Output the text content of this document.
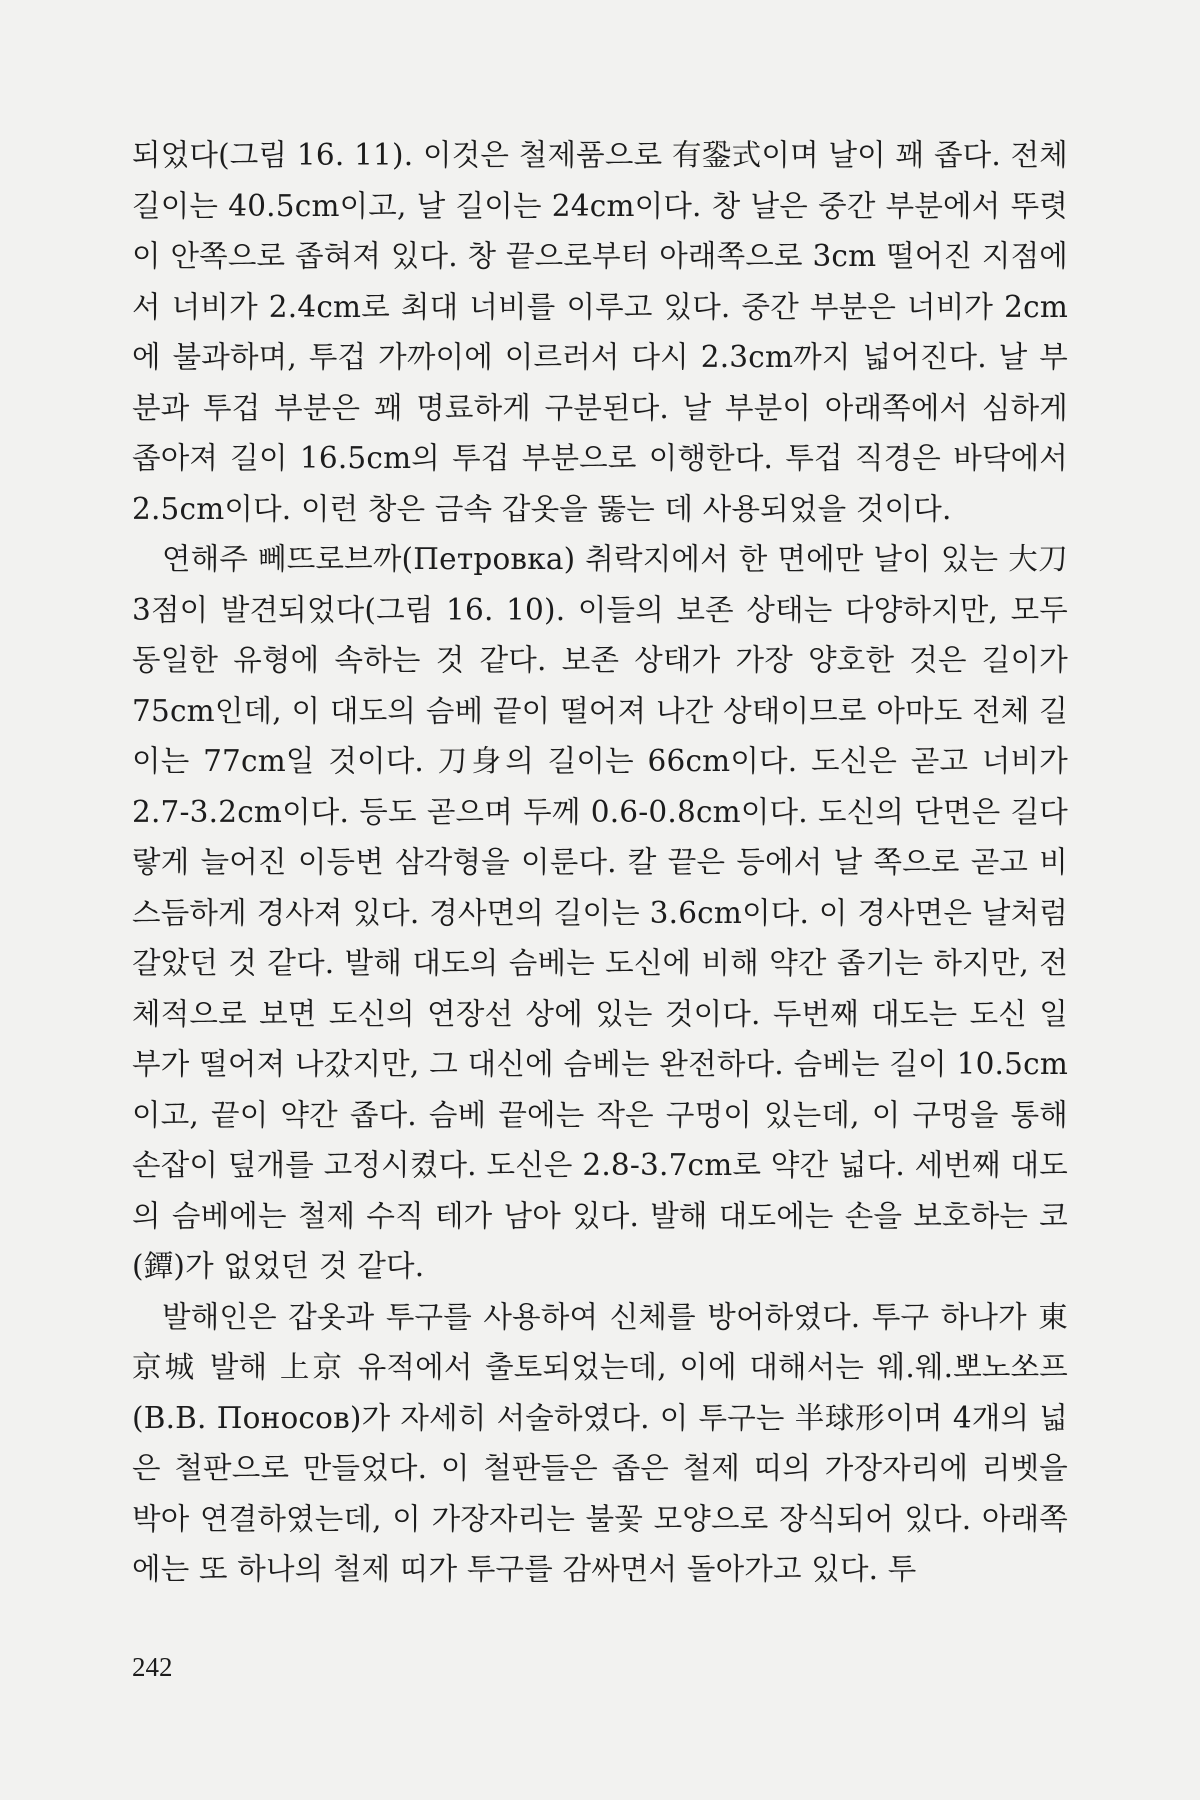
되었다(그림 16. 11). 이것은 철제품으로 有銎式이며 날이 꽤 좁다. 전체 길이는 40.5cm이고, 날 길이는 24cm이다. 창 날은 중간 부분에서 뚜렷이 안쪽으로 좁혀져 있다. 창 끝으로부터 아래쪽으로 3cm 떨어진 지점에서 너비가 2.4cm로 최대 너비를 이루고 있다. 중간 부분은 너비가 2cm에 불과하며, 투겁 가까이에 이르러서 다시 2.3cm까지 넓어진다. 날 부분과 투겁 부분은 꽤 명료하게 구분된다. 날 부분이 아래쪽에서 심하게 좁아져 길이 16.5cm의 투겁 부분으로 이행한다. 투겁 직경은 바닥에서 2.5cm이다. 이런 창은 금속 갑옷을 뚫는 데 사용되었을 것이다.

연해주 뻬뜨로브까(Петровка) 취락지에서 한 면에만 날이 있는 大刀 3점이 발견되었다(그림 16. 10). 이들의 보존 상태는 다양하지만, 모두 동일한 유형에 속하는 것 같다. 보존 상태가 가장 양호한 것은 길이가 75cm인데, 이 대도의 슴베 끝이 떨어져 나간 상태이므로 아마도 전체 길이는 77cm일 것이다. 刀身의 길이는 66cm이다. 도신은 곧고 너비가 2.7-3.2cm이다. 등도 곧으며 두께 0.6-0.8cm이다. 도신의 단면은 길다랗게 늘어진 이등변 삼각형을 이룬다. 칼 끝은 등에서 날 쪽으로 곧고 비스듬하게 경사져 있다. 경사면의 길이는 3.6cm이다. 이 경사면은 날처럼 갈았던 것 같다. 발해 대도의 슴베는 도신에 비해 약간 좁기는 하지만, 전체적으로 보면 도신의 연장선 상에 있는 것이다. 두번째 대도는 도신 일부가 떨어져 나갔지만, 그 대신에 슴베는 완전하다. 슴베는 길이 10.5cm이고, 끝이 약간 좁다. 슴베 끝에는 작은 구멍이 있는데, 이 구멍을 통해 손잡이 덮개를 고정시켰다. 도신은 2.8-3.7cm로 약간 넓다. 세번째 대도의 슴베에는 철제 수직 테가 남아 있다. 발해 대도에는 손을 보호하는 코(鐔)가 없었던 것 같다.

발해인은 갑옷과 투구를 사용하여 신체를 방어하였다. 투구 하나가 東京城 발해 上京 유적에서 출토되었는데, 이에 대해서는 웨.웨.뽀노쏘프(В.В. Поносов)가 자세히 서술하였다. 이 투구는 半球形이며 4개의 넓은 철판으로 만들었다. 이 철판들은 좁은 철제 띠의 가장자리에 리벳을 박아 연결하였는데, 이 가장자리는 불꽃 모양으로 장식되어 있다. 아래쪽에는 또 하나의 철제 띠가 투구를 감싸면서 돌아가고 있다. 투

242
